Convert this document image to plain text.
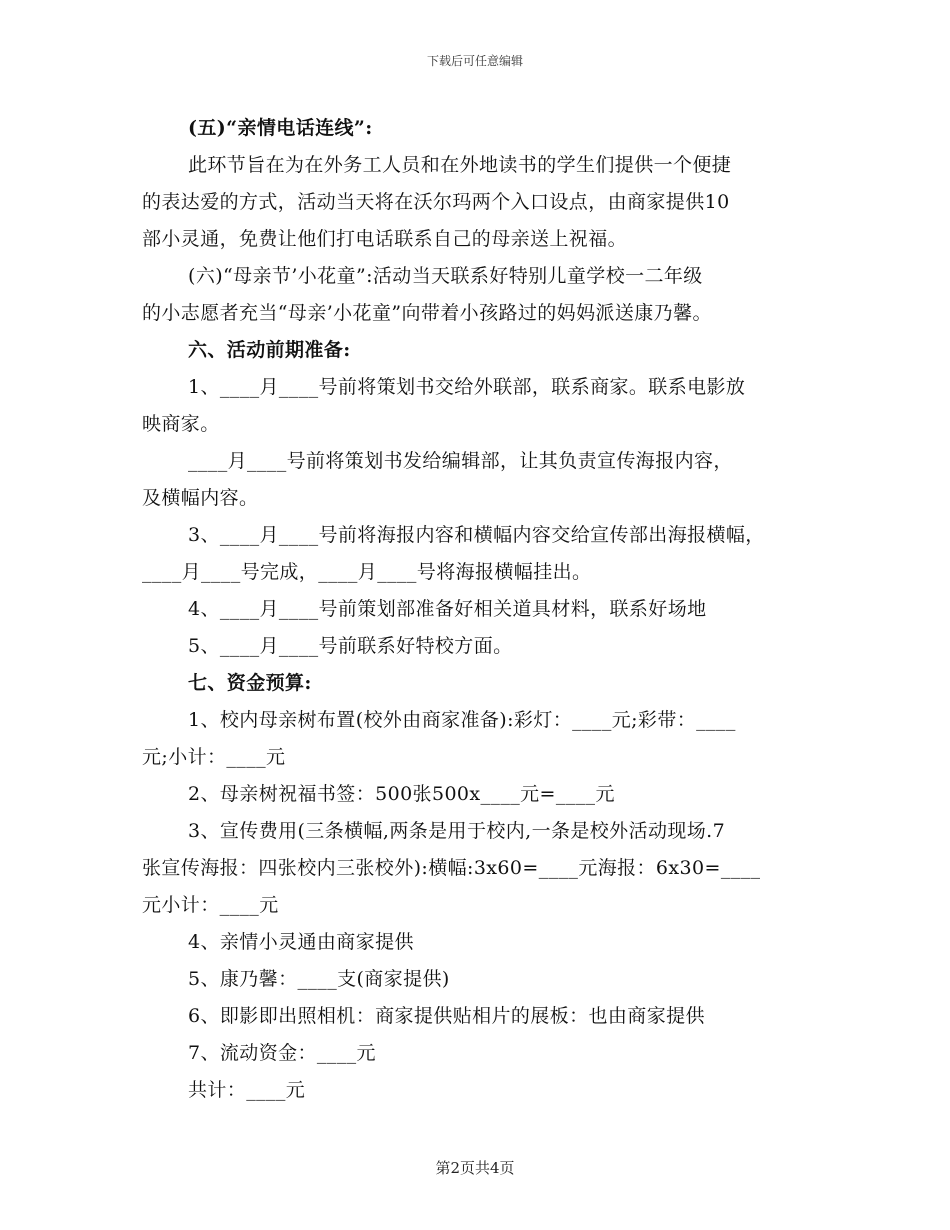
下载后可任意编辑
(五)“亲情电话连线”:
此环节旨在为在外务工人员和在外地读书的学生们提供一个便捷
的表达爱的方式，活动当天将在沃尔玛两个入口设点，由商家提供10
部小灵通，免费让他们打电话联系自己的母亲送上祝福。
(六)“母亲节’小花童”:活动当天联系好特别儿童学校一二年级
的小志愿者充当“母亲’小花童”向带着小孩路过的妈妈派送康乃馨。
六、活动前期准备:
1、____月____号前将策划书交给外联部，联系商家。联系电影放
映商家。
____月____号前将策划书发给编辑部，让其负责宣传海报内容，
及横幅内容。
3、____月____号前将海报内容和横幅内容交给宣传部出海报横幅，
____月____号完成，____月____号将海报横幅挂出。
4、____月____号前策划部准备好相关道具材料，联系好场地
5、____月____号前联系好特校方面。
七、资金预算:
1、校内母亲树布置(校外由商家准备):彩灯：____元;彩带：____
元;小计：____元
2、母亲树祝福书签：500张500x____元=____元
3、宣传费用(三条横幅,两条是用于校内,一条是校外活动现场.7
张宣传海报：四张校内三张校外):横幅:3x60=____元海报：6x30=____
元小计：____元
4、亲情小灵通由商家提供
5、康乃馨：____支(商家提供)
6、即影即出照相机：商家提供贴相片的展板：也由商家提供
7、流动资金：____元
共计：____元
第2页共4页
